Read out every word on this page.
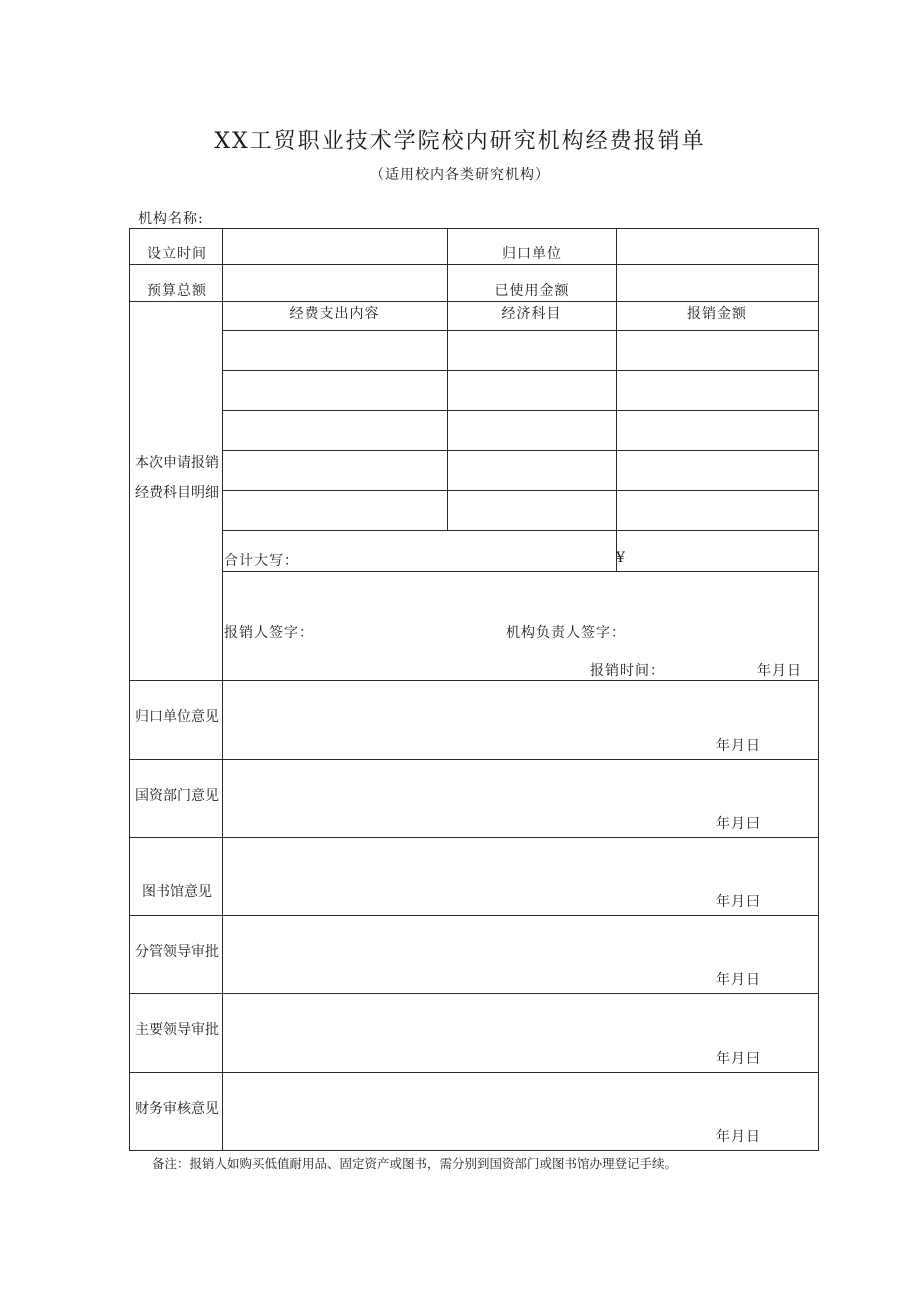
XX工贸职业技术学院校内研究机构经费报销单
（适用校内各类研究机构）
机构名称:
设立时间	归口单位
预算总额	已使用金额
经费支出内容	经济科目	报销金额
本次申请报销经费科目明细
合计大写：	¥
报销人签字：	机构负责人签字：
报销时间：	年月日
归口单位意见
年月日
国资部门意见
年月曰
图书馆意见
年月曰
分管领导审批
年月日
主要领导审批
年月曰
财务审核意见
年月日
备注：报销人如购买低值耐用品、固定资产或图书，需分别到国资部门或图书馆办理登记手续。
